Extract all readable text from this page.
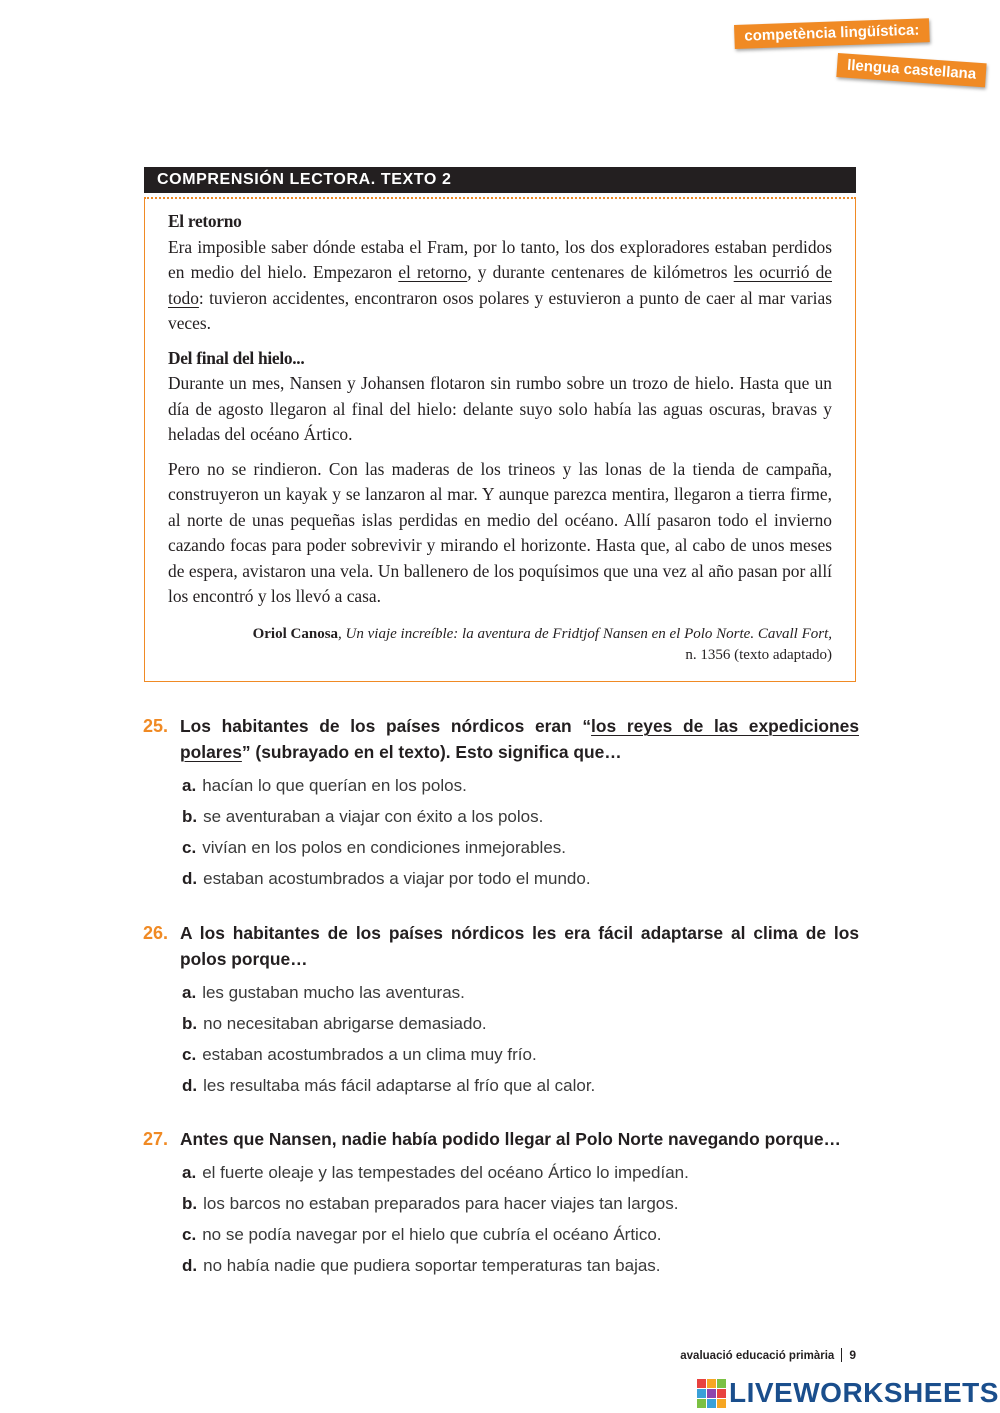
competència lingüística:
llengua castellana
COMPRENSIÓN LECTORA. TEXTO 2
El retorno

Era imposible saber dónde estaba el Fram, por lo tanto, los dos exploradores estaban perdidos en medio del hielo. Empezaron el retorno, y durante centenares de kilómetros les ocurrió de todo: tuvieron accidentes, encontraron osos polares y estuvieron a punto de caer al mar varias veces.

Del final del hielo...

Durante un mes, Nansen y Johansen flotaron sin rumbo sobre un trozo de hielo. Hasta que un día de agosto llegaron al final del hielo: delante suyo solo había las aguas oscuras, bravas y heladas del océano Ártico.

Pero no se rindieron. Con las maderas de los trineos y las lonas de la tienda de campaña, construyeron un kayak y se lanzaron al mar. Y aunque parezca mentira, llegaron a tierra firme, al norte de unas pequeñas islas perdidas en medio del océano. Allí pasaron todo el invierno cazando focas para poder sobrevivir y mirando el horizonte. Hasta que, al cabo de unos meses de espera, avistaron una vela. Un ballenero de los poquísimos que una vez al año pasan por allí los encontró y los llevó a casa.

Oriol Canosa, Un viaje increíble: la aventura de Fridtjof Nansen en el Polo Norte. Cavall Fort,
n. 1356 (texto adaptado)
25. Los habitantes de los países nórdicos eran “los reyes de las expediciones polares” (subrayado en el texto). Esto significa que…
a. hacían lo que querían en los polos.
b. se aventuraban a viajar con éxito a los polos.
c. vivían en los polos en condiciones inmejorables.
d. estaban acostumbrados a viajar por todo el mundo.
26. A los habitantes de los países nórdicos les era fácil adaptarse al clima de los polos porque…
a. les gustaban mucho las aventuras.
b. no necesitaban abrigarse demasiado.
c. estaban acostumbrados a un clima muy frío.
d. les resultaba más fácil adaptarse al frío que al calor.
27. Antes que Nansen, nadie había podido llegar al Polo Norte navegando porque…
a. el fuerte oleaje y las tempestades del océano Ártico lo impedían.
b. los barcos no estaban preparados para hacer viajes tan largos.
c. no se podía navegar por el hielo que cubría el océano Ártico.
d. no había nadie que pudiera soportar temperaturas tan bajas.
avaluació educació primària 9
LIVEWORKSHEETS
